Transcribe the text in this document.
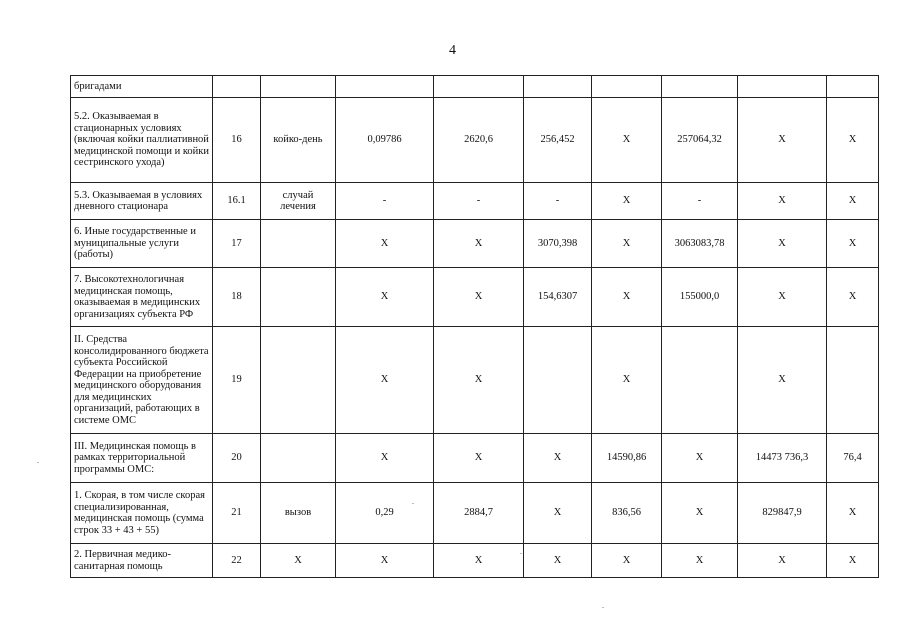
4
бригадами									
5.2. Оказываемая в стационарных условиях (включая койки паллиативной медицинской помощи и койки сестринского ухода)	16	койко-день	0,09786	2620,6	256,452	X	257064,32	X	X
5.3. Оказываемая в условиях дневного стационара	16.1	случай лечения	-	-	-	X	-	X	X
6. Иные государственные и муниципальные услуги (работы)	17		X	X	3070,398	X	3063083,78	X	X
7. Высокотехнологичная медицинская помощь, оказываемая в медицинских организациях субъекта РФ	18		X	X	154,6307	X	155000,0	X	X
II. Средства консолидированного бюджета субъекта Российской Федерации на приобретение медицинского оборудования для медицинских организаций, работающих в системе ОМС	19		X	X		X		X	
III. Медицинская помощь в рамках территориальной программы ОМС:	20		X	X	X	14590,86	X	14473 736,3	76,4
1. Скорая, в том числе скорая специализированная, медицинская помощь (сумма строк 33 + 43 + 55)	21	вызов	0,29	2884,7	X	836,56	X	829847,9	X
2. Первичная медико-санитарная помощь	22	X	X	X	X	X	X	X	X
